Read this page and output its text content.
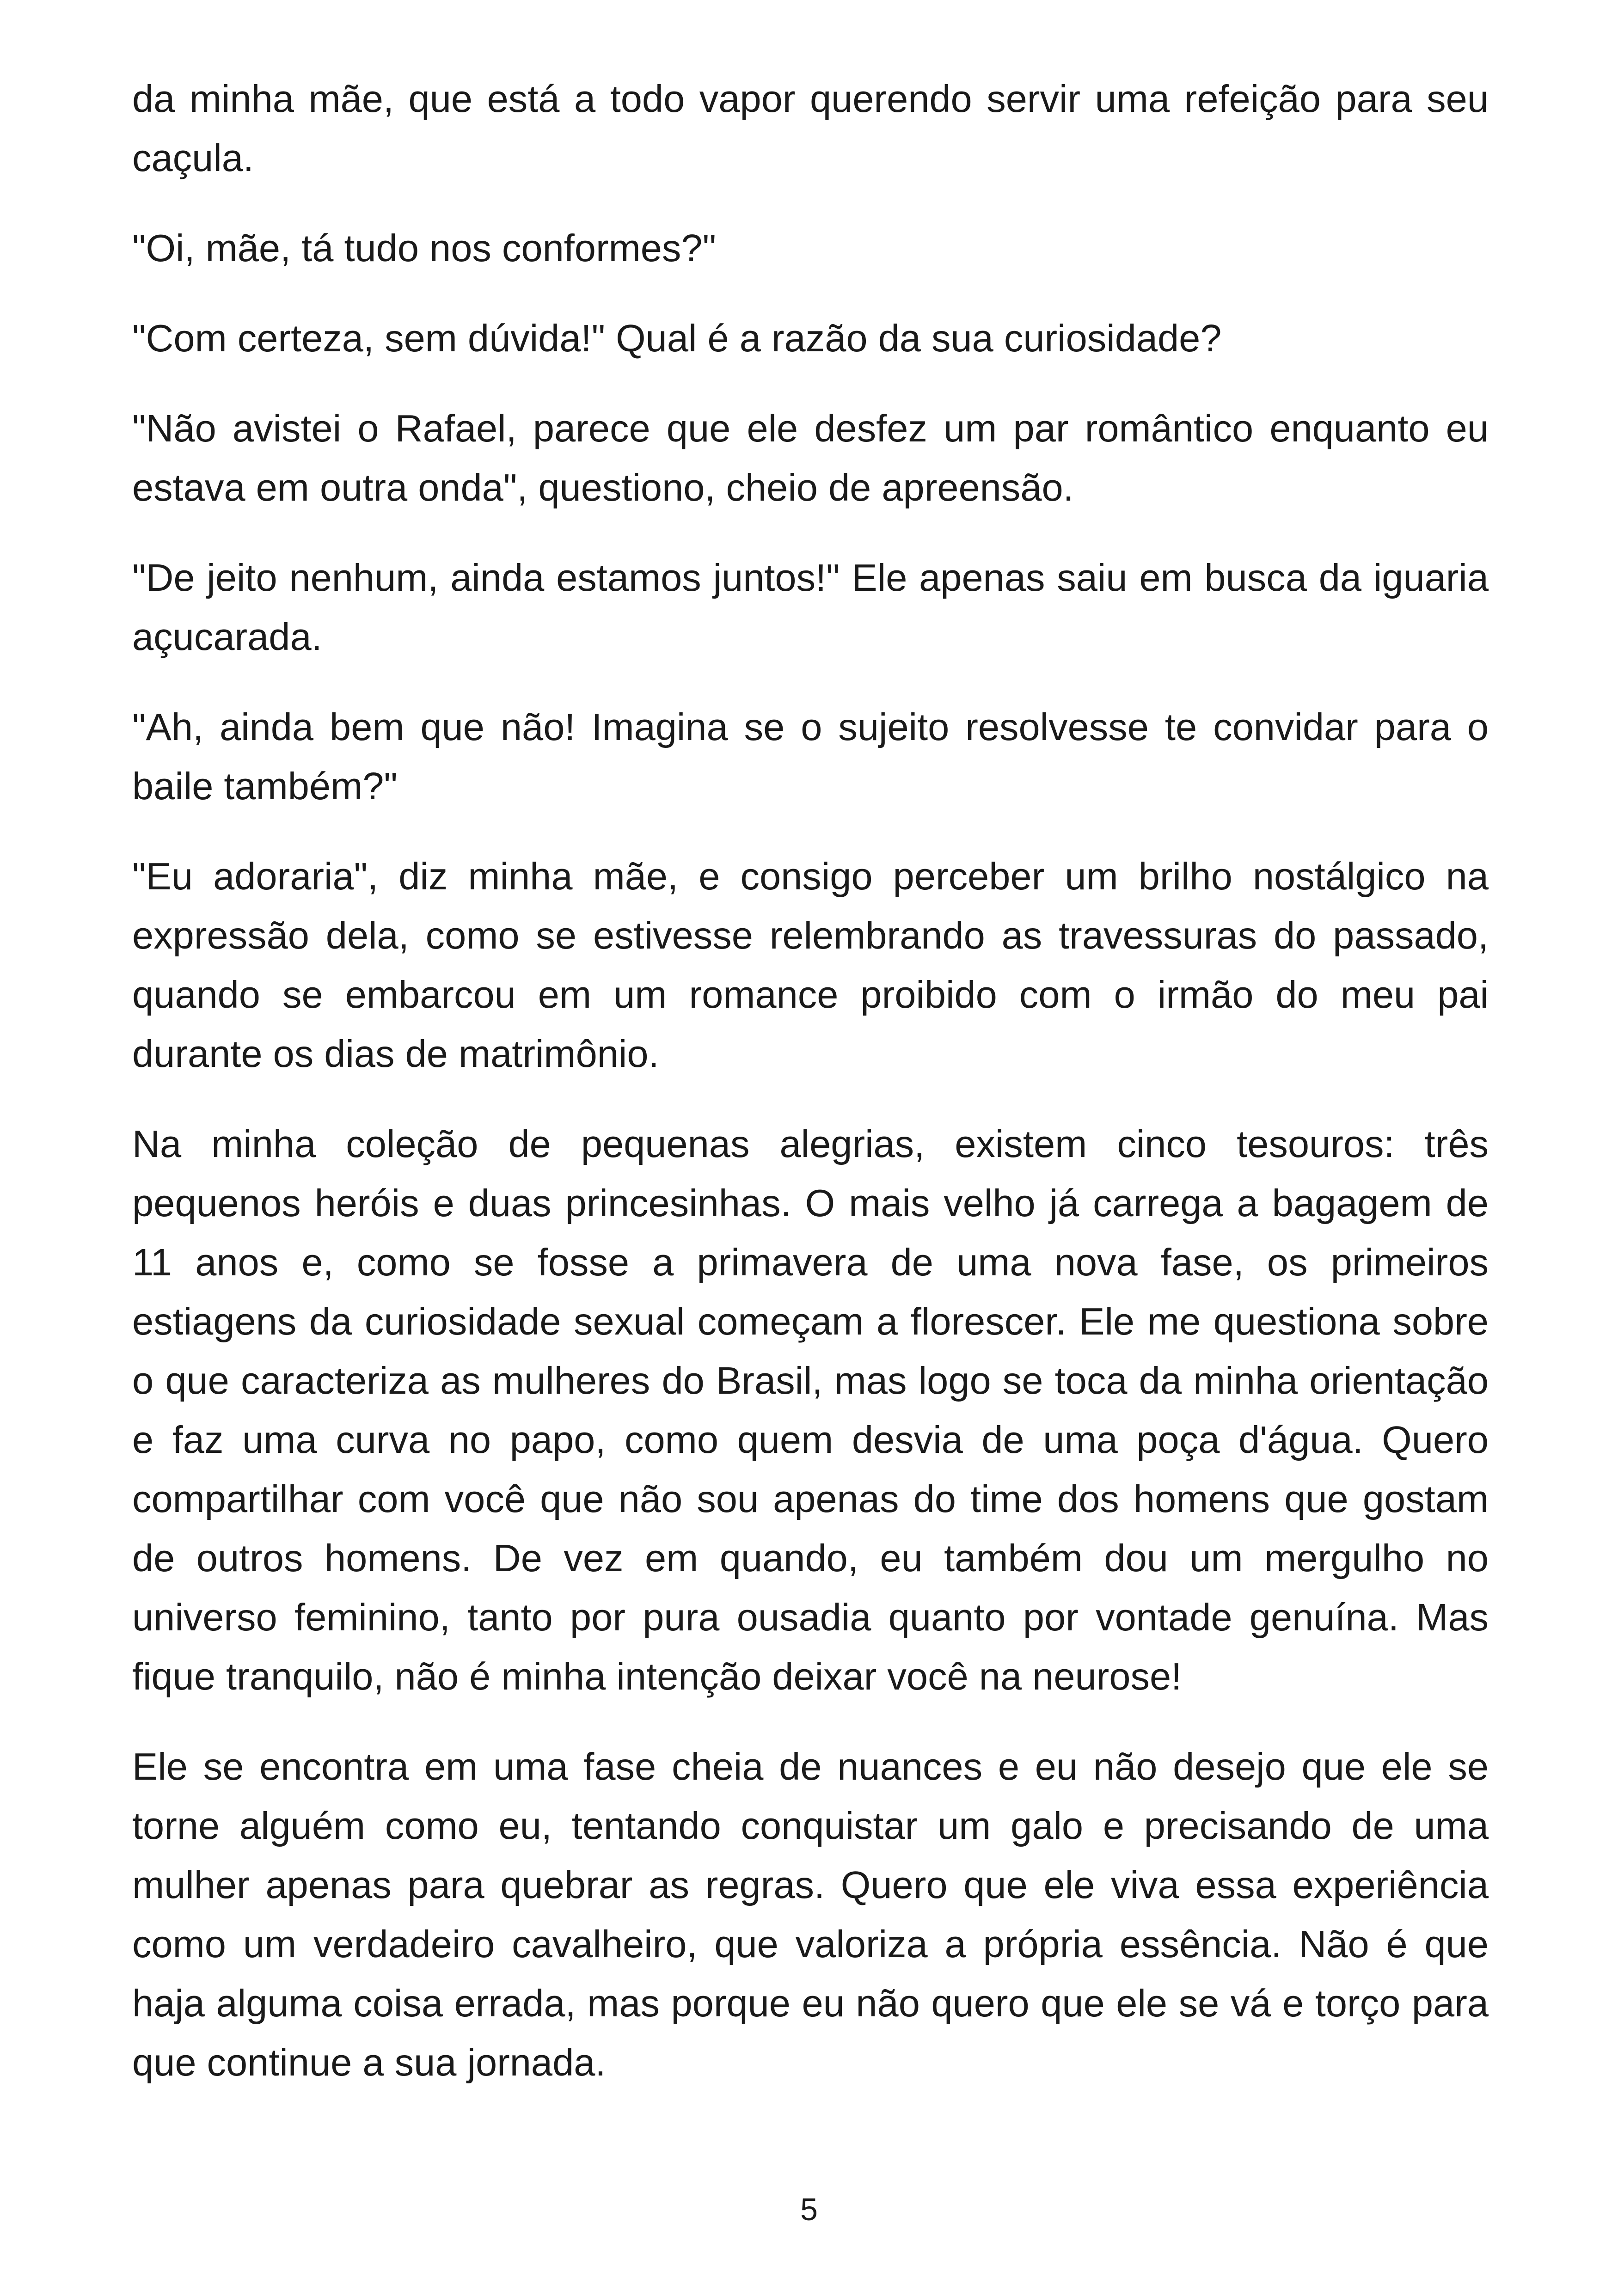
da minha mãe, que está a todo vapor querendo servir uma refeição para seu caçula.

"Oi, mãe, tá tudo nos conformes?"

"Com certeza, sem dúvida!" Qual é a razão da sua curiosidade?

"Não avistei o Rafael, parece que ele desfez um par romântico enquanto eu estava em outra onda", questiono, cheio de apreensão.

"De jeito nenhum, ainda estamos juntos!" Ele apenas saiu em busca da iguaria açucarada.

"Ah, ainda bem que não! Imagina se o sujeito resolvesse te convidar para o baile também?"

"Eu adoraria", diz minha mãe, e consigo perceber um brilho nostálgico na expressão dela, como se estivesse relembrando as travessuras do passado, quando se embarcou em um romance proibido com o irmão do meu pai durante os dias de matrimônio.

Na minha coleção de pequenas alegrias, existem cinco tesouros: três pequenos heróis e duas princesinhas. O mais velho já carrega a bagagem de 11 anos e, como se fosse a primavera de uma nova fase, os primeiros estiagens da curiosidade sexual começam a florescer. Ele me questiona sobre o que caracteriza as mulheres do Brasil, mas logo se toca da minha orientação e faz uma curva no papo, como quem desvia de uma poça d'água. Quero compartilhar com você que não sou apenas do time dos homens que gostam de outros homens. De vez em quando, eu também dou um mergulho no universo feminino, tanto por pura ousadia quanto por vontade genuína. Mas fique tranquilo, não é minha intenção deixar você na neurose!

Ele se encontra em uma fase cheia de nuances e eu não desejo que ele se torne alguém como eu, tentando conquistar um galo e precisando de uma mulher apenas para quebrar as regras. Quero que ele viva essa experiência como um verdadeiro cavalheiro, que valoriza a própria essência. Não é que haja alguma coisa errada, mas porque eu não quero que ele se vá e torço para que continue a sua jornada.

5
